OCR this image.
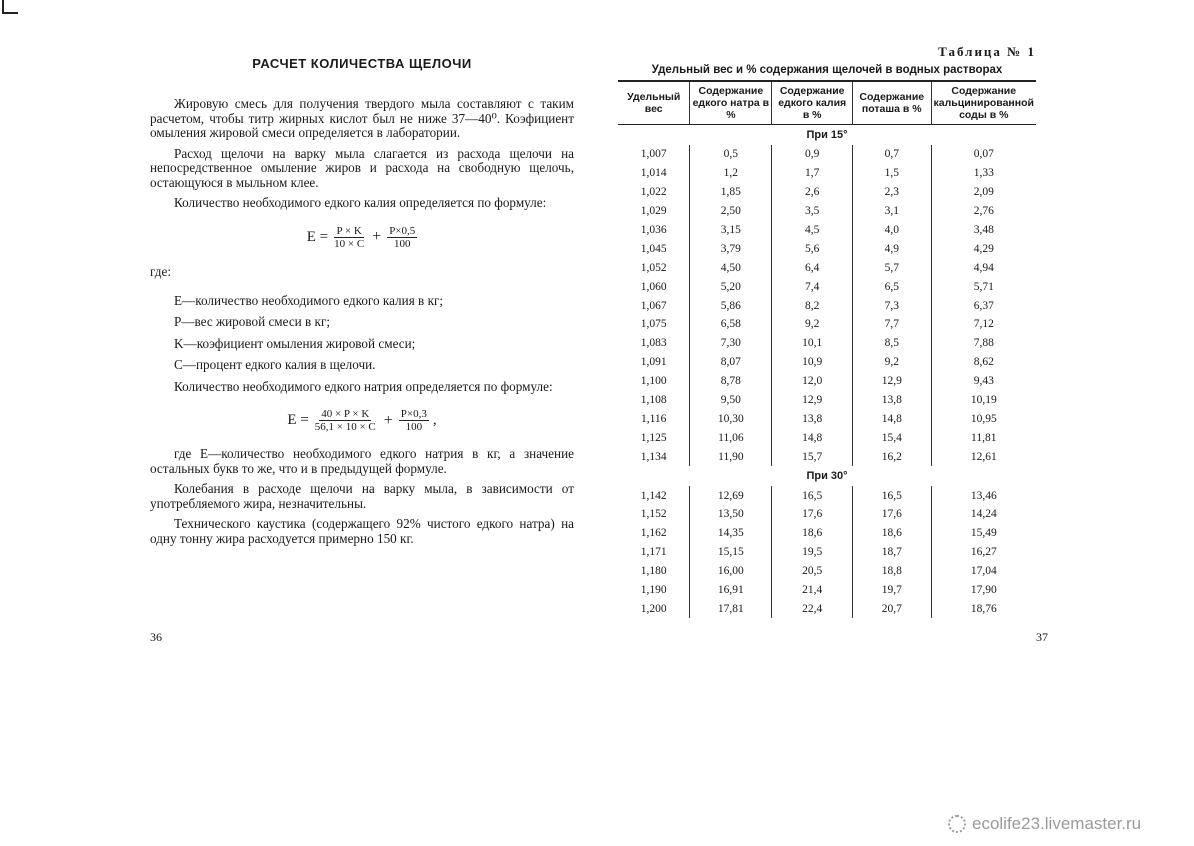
РАСЧЕТ КОЛИЧЕСТВА ЩЕЛОЧИ

Жировую смесь для получения твердого мыла составляют с таким расчетом, чтобы титр жирных кислот был не ниже 37—40⁰. Коэфициент омыления жировой смеси определяется в лаборатории.

Расход щелочи на варку мыла слагается из расхода щелочи на непосредственное омыление жиров и расхода на свободную щелочь, остающуюся в мыльном клее.

Количество необходимого едкого калия определяется по формуле:

$E = \frac{P \times K}{10 \times C} + \frac{P\times 0,5}{100}$
где:
E—количество необходимого едкого калия в кг;
P—вес жировой смеси в кг;
K—коэфициент омыления жировой смеси;
C—процент едкого калия в щелочи.

Количество необходимого едкого натрия определяется по формуле:

$E = \frac{40 \times P \times K}{56,1 \times 10 \times C} + \frac{P\times 0,3}{100}$ ,

где E—количество необходимого едкого натрия в кг, а значение остальных букв то же, что и в предыдущей формуле.

Колебания в расходе щелочи на варку мыла, в зависимости от употребляемого жира, незначительны.

Технического каустика (содержащего 92% чистого едкого натра) на одну тонну жира расходуется примерно 150 кг.

36
Таблица № 1
Удельный вес и % содержания щелочей в водных растворах
Удельный вес	Содержание едкого натра в %	Содержание едкого калия в %	Содержание поташа в %	Содержание кальцинированной соды в %
При 15°				
1,007	0,5	0,9	0,7	0,07
1,014	1,2	1,7	1,5	1,33
1,022	1,85	2,6	2,3	2,09
1,029	2,50	3,5	3,1	2,76
1,036	3,15	4,5	4,0	3,48
1,045	3,79	5,6	4,9	4,29
1,052	4,50	6,4	5,7	4,94
1,060	5,20	7,4	6,5	5,71
1,067	5,86	8,2	7,3	6,37
1,075	6,58	9,2	7,7	7,12
1,083	7,30	10,1	8,5	7,88
1,091	8,07	10,9	9,2	8,62
1,100	8,78	12,0	12,9	9,43
1,108	9,50	12,9	13,8	10,19
1,116	10,30	13,8	14,8	10,95
1,125	11,06	14,8	15,4	11,81
1,134	11,90	15,7	16,2	12,61
При 30°				
1,142	12,69	16,5	16,5	13,46
1,152	13,50	17,6	17,6	14,24
1,162	14,35	18,6	18,6	15,49
1,171	15,15	19,5	18,7	16,27
1,180	16,00	20,5	18,8	17,04
1,190	16,91	21,4	19,7	17,90
1,200	17,81	22,4	20,7	18,76
37
ecolife23.livemaster.ru
